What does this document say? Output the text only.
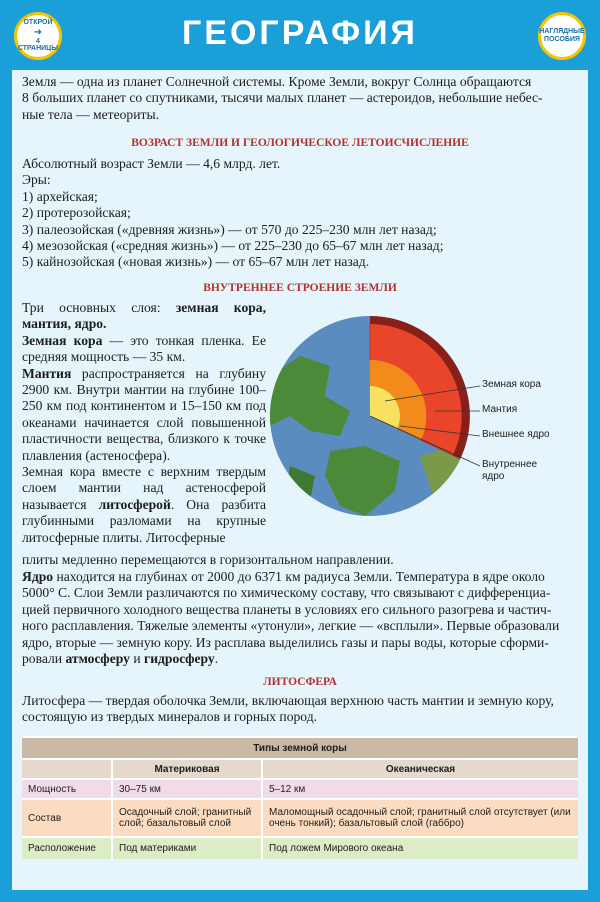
ОТКРОЙ
➜
4 СТРАНИЦЫ	ГЕОГРАФИЯ	НАГЛЯДНЫЕ
ПОСОБИЯ
Земля — одна из планет Солнечной системы. Кроме Земли, вокруг Солнца обращаются
8 больших планет со спутниками, тысячи малых планет — астероидов, небольшие небес-
ные тела — метеориты.
ВОЗРАСТ ЗЕМЛИ И ГЕОЛОГИЧЕСКОЕ ЛЕТОИСЧИСЛЕНИЕ
Абсолютный возраст Земли — 4,6 млрд. лет.
Эры:
1) архейская;
2) протерозойская;
3) палеозойская («древняя жизнь») — от 570 до 225–230 млн лет назад;
4) мезозойская («средняя жизнь») — от 225–230 до 65–67 млн лет назад;
5) кайнозойская («новая жизнь») — от 65–67 млн лет назад.
ВНУТРЕННЕЕ СТРОЕНИЕ ЗЕМЛИ
Три основных слоя: земная кора, мантия, ядро.
Земная кора — это тонкая пленка. Ее средняя мощность — 35 км.
Мантия распространяется на глубину 2900 км. Внутри мантии на глубине 100–250 км под континентом и 15–150 км под океанами начинается слой повышенной пластичности вещества, близкого к точке плавления (астеносфера).
Земная кора вместе с верхним твердым слоем мантии над астеносферой называется литосферой. Она разбита глубинными разломами на крупные литосферные плиты. Литосферные
Земная кора
Мантия
Внешнее ядро
Внутреннее
ядро
плиты медленно перемещаются в горизонтальном направлении.
Ядро находится на глубинах от 2000 до 6371 км радиуса Земли. Температура в ядре около
5000° С. Слои Земли различаются по химическому составу, что связывают с дифференциа-
цией первичного холодного вещества планеты в условиях его сильного разогрева и частич-
ного расплавления. Тяжелые элементы «утонули», легкие — «всплыли». Первые образовали
ядро, вторые — земную кору. Из расплава выделились газы и пары воды, которые сформи-
ровали атмосферу и гидросферу.
ЛИТОСФЕРА
Литосфера — твердая оболочка Земли, включающая верхнюю часть мантии и земную кору,
состоящую из твердых минералов и горных пород.
Типы земной коры		
	Материковая	Океаническая
Мощность	30–75 км	5–12 км
Состав	Осадочный слой; гранитный слой; базальтовый слой	Маломощный осадочный слой; гранитный слой отсутствует (или очень тонкий); базальтовый слой (габбро)
Расположение	Под материками	Под ложем Мирового океана
